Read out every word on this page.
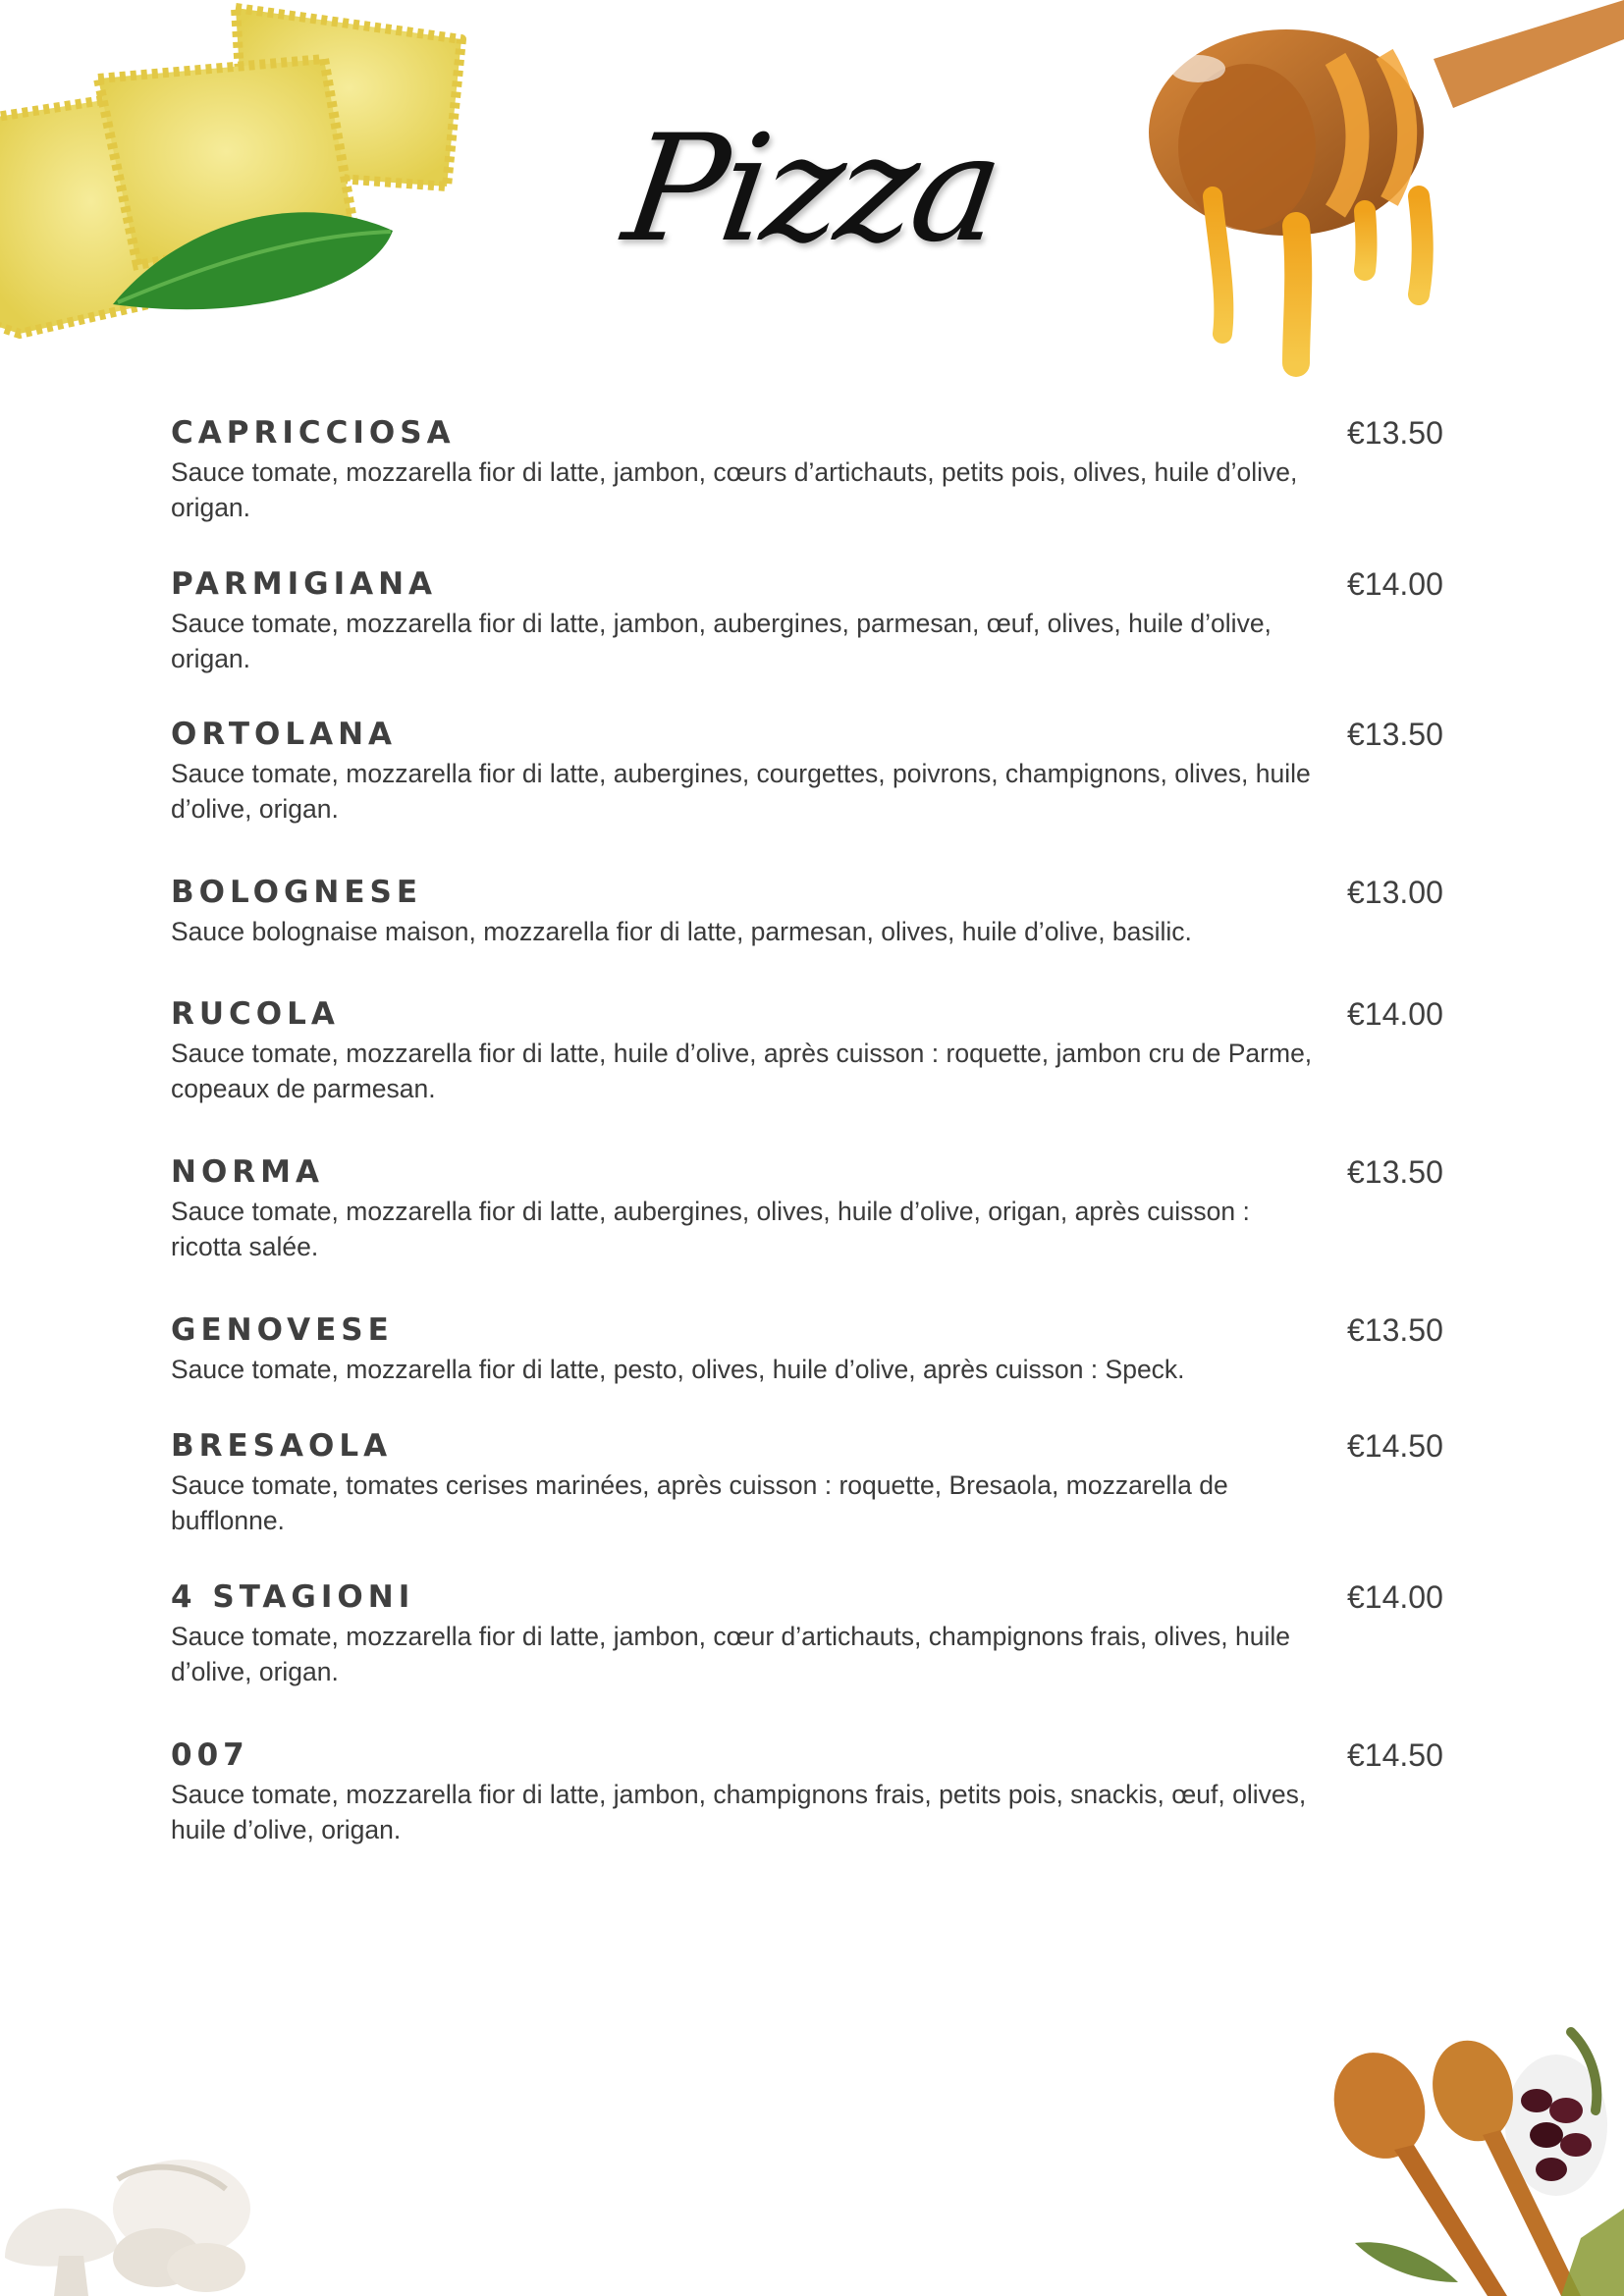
Pizza
CAPRICCIOSA	€13.50
Sauce tomate, mozzarella fior di latte, jambon, cœurs d’artichauts, petits pois, olives, huile d’olive, origan.
PARMIGIANA	€14.00
Sauce tomate, mozzarella fior di latte, jambon, aubergines, parmesan, œuf, olives, huile d’olive, origan.
ORTOLANA	€13.50
Sauce tomate, mozzarella fior di latte, aubergines, courgettes, poivrons, champignons, olives, huile d’olive, origan.
BOLOGNESE	€13.00
Sauce bolognaise maison, mozzarella fior di latte, parmesan, olives, huile d’olive, basilic.
RUCOLA	€14.00
Sauce tomate, mozzarella fior di latte, huile d’olive, après cuisson : roquette, jambon cru de Parme, copeaux de parmesan.
NORMA	€13.50
Sauce tomate, mozzarella fior di latte, aubergines, olives, huile d’olive, origan, après cuisson : ricotta salée.
GENOVESE	€13.50
Sauce tomate, mozzarella fior di latte, pesto, olives, huile d’olive, après cuisson : Speck.
BRESAOLA	€14.50
Sauce tomate, tomates cerises marinées, après cuisson : roquette, Bresaola, mozzarella de bufflonne.
4 STAGIONI	€14.00
Sauce tomate, mozzarella fior di latte, jambon, cœur d’artichauts, champignons frais, olives, huile d’olive, origan.
007	€14.50
Sauce tomate, mozzarella fior di latte, jambon, champignons frais, petits pois, snackis, œuf, olives, huile d’olive, origan.
